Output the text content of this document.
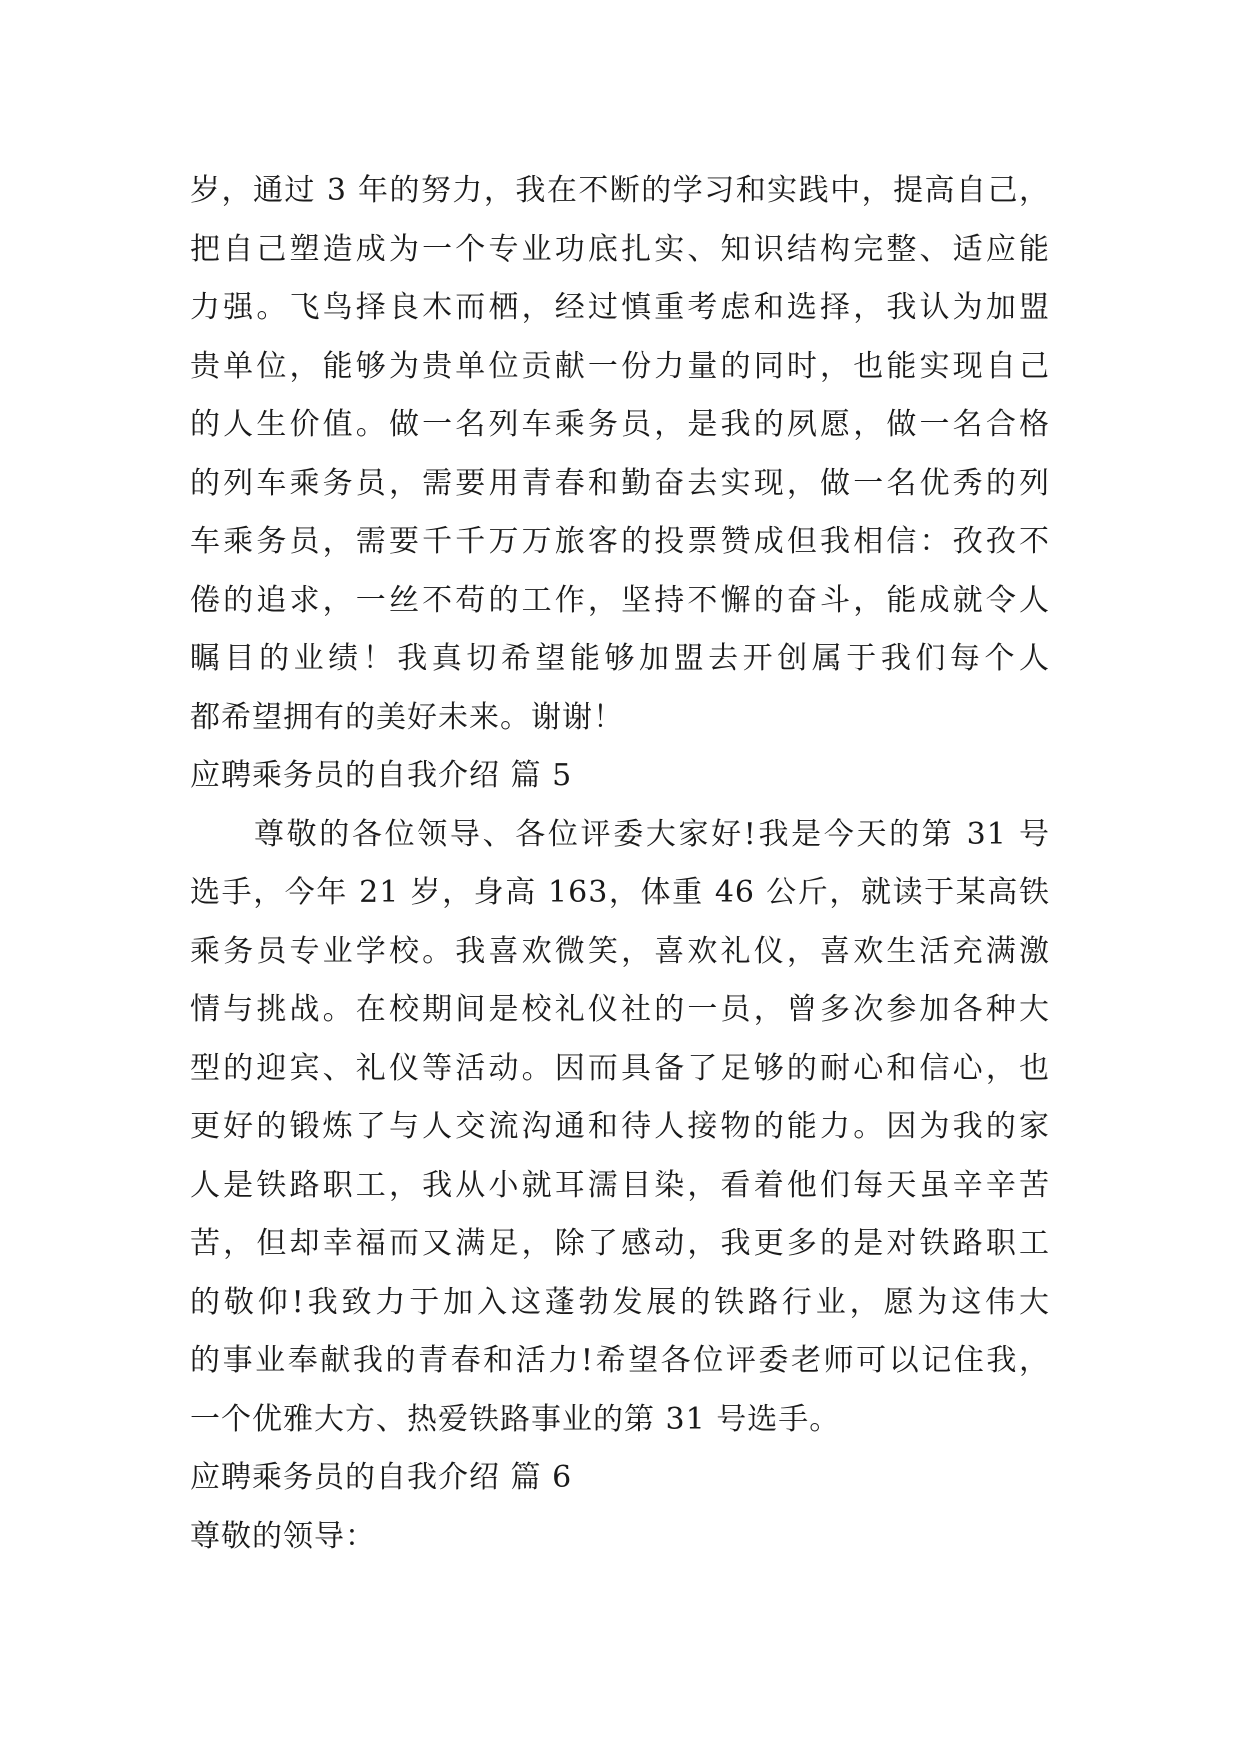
岁，通过 3 年的努力，我在不断的学习和实践中，提高自己，
把自己塑造成为一个专业功底扎实、知识结构完整、适应能
力强。飞鸟择良木而栖，经过慎重考虑和选择，我认为加盟
贵单位，能够为贵单位贡献一份力量的同时，也能实现自己
的人生价值。做一名列车乘务员，是我的夙愿，做一名合格
的列车乘务员，需要用青春和勤奋去实现，做一名优秀的列
车乘务员，需要千千万万旅客的投票赞成但我相信：孜孜不
倦的追求，一丝不苟的工作，坚持不懈的奋斗，能成就令人
瞩目的业绩！我真切希望能够加盟去开创属于我们每个人
都希望拥有的美好未来。谢谢！
应聘乘务员的自我介绍 篇 5
尊敬的各位领导、各位评委大家好!我是今天的第 31 号
选手，今年 21 岁，身高 163，体重 46 公斤，就读于某高铁
乘务员专业学校。我喜欢微笑，喜欢礼仪，喜欢生活充满激
情与挑战。在校期间是校礼仪社的一员，曾多次参加各种大
型的迎宾、礼仪等活动。因而具备了足够的耐心和信心，也
更好的锻炼了与人交流沟通和待人接物的能力。因为我的家
人是铁路职工，我从小就耳濡目染，看着他们每天虽辛辛苦
苦，但却幸福而又满足，除了感动，我更多的是对铁路职工
的敬仰!我致力于加入这蓬勃发展的铁路行业，愿为这伟大
的事业奉献我的青春和活力!希望各位评委老师可以记住我，
一个优雅大方、热爱铁路事业的第 31 号选手。
应聘乘务员的自我介绍 篇 6
尊敬的领导：
